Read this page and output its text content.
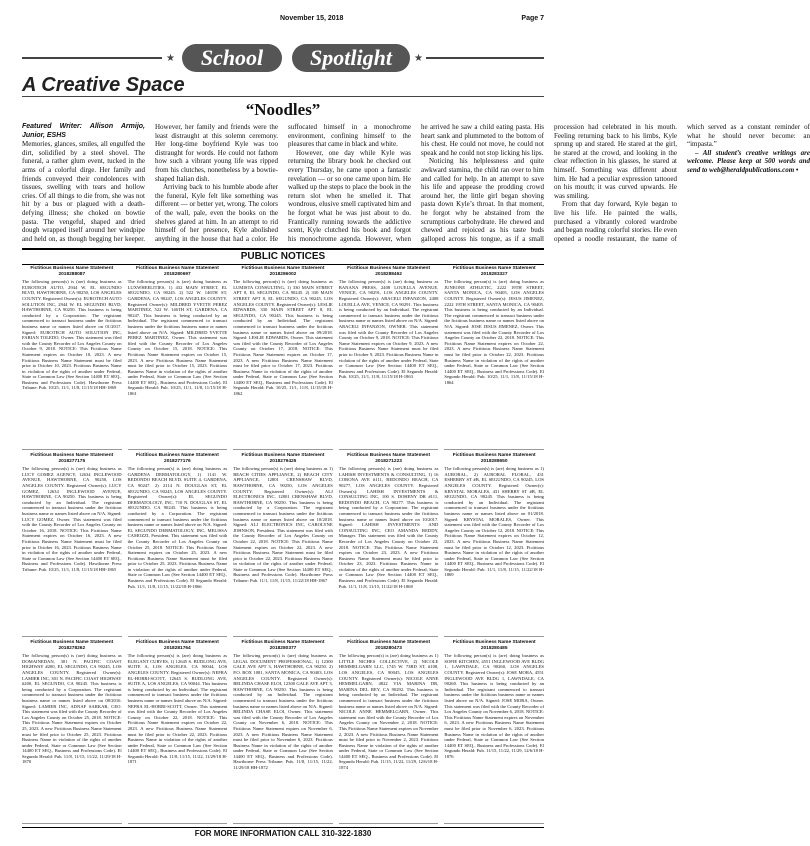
November 15, 2018	Page 7
★	School	Spotlight	★
A Creative Space
“Noodles”
Featured Writer: Allison Armijo, Junior, ESHS

Memories, glances, smiles, all engulfed the dirt, solidified by a steel shovel. The funeral, a rather glum event, tucked in the arms of a colorful dirge. Her family and friends conveyed their condolences with tissues, swelling with tears and hollow cries. Of all things to die from, she was not hit by a bus or plagued with a death-defying illness; she choked on bowtie pasta. The vengeful, shaped and dried dough wrapped itself around her windpipe and held on, as though begging her keeper. However, her family and friends were the least distraught at this solemn ceremony. Her long-time boyfriend Kyle was too distraught for words. He could not fathom how such a vibrant young life was ripped from his clutches, nonetheless by a bowtie-shaped Italian dish.

Arriving back to his humble abode after the funeral, Kyle felt like something was different — or better yet, wrong. The colors of the wall, pale, even the books on the shelves glared at him. In an attempt to rid himself of her presence, Kyle abolished anything in the house that had a color. He suffocated himself in a monochrome environment, confining himself to the pleasures that came in black and white.

However, one day while Kyle was returning the library book he checked out every Thursday, he came upon a fantastic revelation — or so one came upon him. He walked up the steps to place the book in the return slot when he smelled it. That wondrous, elusive smell captivated him and he forgot what he was just about to do. Frantically running towards the addictive scent, Kyle clutched his book and forgot his monochrome agenda. However, when he arrived he saw a child eating pasta. His heart sank and plummeted to the bottom of his chest. He could not move, he could not speak and he could not stop licking his lips.

Noticing his helplessness and quite awkward stamina, the child ran over to him and called for help. In an attempt to save his life and appease the prodding crowd around her, the little girl began shoving pasta down Kyle’s throat. In that moment, he forgot why he abstained from the scrumptious carbohydrate. He chewed and chewed and rejoiced as his taste buds galloped across his tongue, as if a small procession had celebrated in his mouth. Feeling returning back to his limbs, Kyle sprung up and stared. He stared at the girl, he stared at the crowd, and looking in the clear reflection in his glasses, he stared at himself. Something was different about him. He had a peculiar expression tattooed on his mouth; it was curved upwards. He was smiling.

From that day forward, Kyle began to live his life. He painted the walls, purchased a vibrantly colored wardrobe and began reading colorful stories. He even opened a noodle restaurant, the name of which served as a constant reminder of what he should never become: an “impasta.”

– All student’s creative writings are welcome. Please keep at 500 words and send to web@heraldpublications.com •

PUBLIC NOTICES
Fictitious Business Name Statement
2018288087
The following person(s) is (are) doing business as EUROTECH AUTO, 2944 W. EL SEGUNDO BLVD, HAWTHORNE, CA 90250, LOS ANGELES COUNTY. Registered Owner(s): EUROTECH AUTO SOLUTION INC, 2944 W. EL SEGUNDO BLVD, HAWTHORNE, CA 90250. This business is being conducted by a Corporation. The registrant commenced to transact business under the fictitious business name or names listed above on 01/2017. Signed: EUROTECH AUTO SOLUTION INC, FABIAN TOLEDO, Owner. This statement was filed with the County Recorder of Los Angeles County on October 9, 2018. NOTICE: This Fictitious Name Statement expires on October 10, 2023. A new Fictitious Business Name Statement must be filed prior to October 10, 2023. Fictitious Business Name in violation of the rights of another under Federal, State or Common Law (See Section 14400 ET SEQ., Business and Professions Code). Hawthorne Press Tribune: Pub. 10/25, 11/1, 11/8, 11/15/18 HH-1869
Fictitious Business Name Statement
2018280697
The following person(s) is (are) doing business as LUXWHEELITIES, 1) 432 MAIN STREET, EL SEGUNDO, CA 90245. 2) 522 W. 146TH ST, GARDENA, CA 90247, LOS ANGELES COUNTY. Registered Owner(s): MILDRED YVETTE PEREZ MARTINEZ, 522 W. 146TH ST, GARDENA, CA 90247. This business is being conducted by an Individual. The registrant commenced to transact business under the fictitious business name or names listed above on N/A. Signed: MILDRED YVETTE PEREZ MARTINEZ, Owner. This statement was filed with the County Recorder of Los Angeles County on October 15, 2018. NOTICE: This Fictitious Name Statement expires on October 15, 2023. A new Fictitious Business Name Statement must be filed prior to October 15, 2023. Fictitious Business Name in violation of the rights of another under Federal, State or Common Law (See Section 14400 ET SEQ., Business and Professions Code). El Segundo Herald: Pub. 10/25, 11/1, 11/8, 11/15/18 H-1861
Fictitious Business Name Statement
2018286002
The following person(s) is (are) doing business as LUMISTA CONSULTING, 1) 330 MAIN STREET APT 8, EL SEGUNDO, CA 90245. 2) 330 MAIN STREET APT 8, EL SEGUNDO, CA 90245, LOS ANGELES COUNTY. Registered Owner(s): LESLIE EDWARDS, 330 MAIN STREET APT 8, EL SEGUNDO, CA 90245. This business is being conducted by an Individual. The registrant commenced to transact business under the fictitious business name or names listed above on 09/2018. Signed: LESLIE EDWARDS, Owner. This statement was filed with the County Recorder of Los Angeles County on October 17, 2018. NOTICE: This Fictitious Name Statement expires on October 17, 2023. A new Fictitious Business Name Statement must be filed prior to October 17, 2023. Fictitious Business Name in violation of the rights of another under Federal, State or Common Law (See Section 14400 ET SEQ., Business and Professions Code). El Segundo Herald: Pub. 10/25, 11/1, 11/8, 11/15/18 H-1862
Fictitious Business Name Statement
2018288462
The following person(s) is (are) doing business as BANANA PRESS, 2408 LOUELLA AVENUE, VENICE, CA 90291, LOS ANGELES COUNTY. Registered Owner(s): ARACELI INFANZON, 2408 LOUELLA AVE, VENICE, CA 90291. This business is being conducted by an Individual. The registrant commenced to transact business under the fictitious business name or names listed above on N/A. Signed: ARACELI INFANZON, OWNER. This statement was filed with the County Recorder of Los Angeles County on October 9, 2018. NOTICE: This Fictitious Name Statement expires on October 9, 2023. A new Fictitious Business Name Statement must be filed prior to October 9, 2023. Fictitious Business Name in violation of the rights of another under Federal, State or Common Law (See Section 14400 ET SEQ., Business and Professions Code). El Segundo Herald: Pub. 10/25, 11/1, 11/8, 11/15/18 H-1863
Fictitious Business Name Statement
2018283327
The following person(s) is (are) doing business as JUNEONE ATHLETIC, 2222 19TH STREET, SANTA MONICA, CA 90405, LOS ANGELES COUNTY. Registered Owner(s): JESUS JIMENEZ, 2222 19TH STREET, SANTA MONICA, CA 90405. This business is being conducted by an Individual. The registrant commenced to transact business under the fictitious business name or names listed above on N/A. Signed: JOSE JESUS JIMENEZ, Owner. This statement was filed with the County Recorder of Los Angeles County on October 22, 2018. NOTICE: This Fictitious Name Statement expires on October 22, 2023. A new Fictitious Business Name Statement must be filed prior to October 22, 2023. Fictitious Business Name in violation of the rights of another under Federal, State or Common Law (See Section 14400 ET SEQ., Business and Professions Code). El Segundo Herald: Pub. 10/25, 11/1, 11/8, 11/15/18 H-1864
Fictitious Business Name Statement
2018277175
The following person(s) is (are) doing business as LUCY GOMEZ AGENCY, 12634 INGLEWOOD AVENUE, HAWTHORNE, CA 90250, LOS ANGELES COUNTY. Registered Owner(s): LUCY GOMEZ, 12634 INGLEWOOD AVENUE, HAWTHORNE, CA 90250. This business is being conducted by an Individual. The registrant commenced to transact business under the fictitious business name or names listed above on N/A. Signed: LUCY GOMEZ, Owner. This statement was filed with the County Recorder of Los Angeles County on October 16, 2018. NOTICE: This Fictitious Name Statement expires on October 16, 2023. A new Fictitious Business Name Statement must be filed prior to October 16, 2023. Fictitious Business Name in violation of the rights of another under Federal, State or Common Law (See Section 14400 ET SEQ., Business and Professions Code). Hawthorne Press Tribune: Pub. 10/25, 11/1, 11/8, 11/15/18 HH-1865
Fictitious Business Name Statement
2018277176
The following person(s) is (are) doing business as GARDENA DERMATOLOGY, 1) 1141 W. REDONDO BEACH BLVD, SUITE 4, GARDENA, CA 90247. 2) 2114 N. DOUGLAS ST, EL SEGUNDO, CA 90245, LOS ANGELES COUNTY. Registered Owner(s): EL SEGUNDO DERMATOLOGY, INC, 710 N. DOUGLAS ST, EL SEGUNDO, CA 90245. This business is being conducted by a Corporation. The registrant commenced to transact business under the fictitious business name or names listed above on N/A. Signed: EL SEGUNDO DERMATOLOGY, INC, MELISSA CAMOZZI, President. This statement was filed with the County Recorder of Los Angeles County on October 25, 2018. NOTICE: This Fictitious Name Statement expires on October 25, 2023. A new Fictitious Business Name Statement must be filed prior to October 25, 2023. Fictitious Business Name in violation of the rights of another under Federal, State or Common Law (See Section 14400 ET SEQ., Business and Professions Code). El Segundo Herald: Pub. 11/1, 11/8, 11/15, 11/22/18 H-1866
Fictitious Business Name Statement
2018279425
The following person(s) is (are) doing business as 1) BEACH CITIES APPLIANCE, 2) BEACH CITY APPLIANCE, 12801 CRENSHAW BLVD, HAWTHORNE, CA 90250, LOS ANGELES COUNTY. Registered Owner(s): ALJ ELECTRONICS INC, 12801 CRENSHAW BLVD, HAWTHORNE, CA 90250. This business is being conducted by a Corporation. The registrant commenced to transact business under the fictitious business name or names listed above on 10/2018. Signed: ALJ ELECTRONICS INC, CAROLYNE JOHNSON, President. This statement was filed with the County Recorder of Los Angeles County on October 22, 2018. NOTICE: This Fictitious Name Statement expires on October 22, 2023. A new Fictitious Business Name Statement must be filed prior to October 22, 2023. Fictitious Business Name in violation of the rights of another under Federal, State or Common Law (See Section 14400 ET SEQ., Business and Professions Code). Hawthorne Press Tribune: Pub. 11/1, 11/8, 11/15, 11/22/18 HH-1867
Fictitious Business Name Statement
2018271223
The following person(s) is (are) doing business as LAHISH INVESTMENTS & CONSULTING, 1) 16 CORONA AVE #111, REDONDO BEACH, CA 90277, LOS ANGELES COUNTY. Registered Owner(s): LAHISH INVESTMENTS & CONSULTING INC, 100 S. DOHENY DR #111, REDONDO BEACH, CA 90277. This business is being conducted by a Corporation. The registrant commenced to transact business under the fictitious business name or names listed above on 10/2017. Signed: LAHISH INVESTMENTS AND CONSULTING INC, CEO AMANDA REDDY, Manager. This statement was filed with the County Recorder of Los Angeles County on October 23, 2018. NOTICE: This Fictitious Name Statement expires on October 23, 2023. A new Fictitious Business Name Statement must be filed prior to October 23, 2023. Fictitious Business Name in violation of the rights of another under Federal, State or Common Law (See Section 14400 ET SEQ., Business and Professions Code). El Segundo Herald: Pub. 11/1, 11/8, 11/15, 11/22/18 H-1868
Fictitious Business Name Statement
2018288650
The following person(s) is (are) doing business as 1) AURORAL, 2) AURORAL FLORAL, 431 ESHERRY ST #B, EL SEGUNDO, CA 90245, LOS ANGELES COUNTY. Registered Owner(s): KRYSTAL MORALES, 431 SHERRY ST #B, EL SEGUNDO, CA 90245. This business is being conducted by an Individual. The registrant commenced to transact business under the fictitious business name or names listed above on 01/2018. Signed: KRYSTAL MORALES, Owner. This statement was filed with the County Recorder of Los Angeles County on October 12, 2018. NOTICE: This Fictitious Name Statement expires on October 12, 2023. A new Fictitious Business Name Statement must be filed prior to October 12, 2023. Fictitious Business Name in violation of the rights of another under Federal, State or Common Law (See Section 14400 ET SEQ., Business and Professions Code). El Segundo Herald: Pub. 11/1, 11/8, 11/15, 11/22/18 H-1869
Fictitious Business Name Statement
2018278262
The following person(s) is (are) doing business as DOMAINEDAN, 301 N. PACIFIC COAST HIGHWAY #200, EL SEGUNDO, CA 90245, LOS ANGELES COUNTY. Registered Owner(s): LAMIER INC, 301 N. PACIFIC COAST HIGHWAY #200, EL SEGUNDO, CA 90245. This business is being conducted by a Corporation. The registrant commenced to transact business under the fictitious business name or names listed above on 08/2016. Signed: LAMIER INC, ADNAF SARKAR, CEO. This statement was filed with the County Recorder of Los Angeles County on October 25, 2018. NOTICE: This Fictitious Name Statement expires on October 25, 2023. A new Fictitious Business Name Statement must be filed prior to October 25, 2023. Fictitious Business Name in violation of the rights of another under Federal, State or Common Law (See Section 14400 ET SEQ., Business and Professions Code). El Segundo Herald: Pub. 11/8, 11/15, 11/22, 11/29/18 H-1870
Fictitious Business Name Statement
2018281764
The following person(s) is (are) doing business as ELEGANT CURVES, 1) 12645 S. BUDLONG AVE, SUITE A, LOS ANGELES, CA 90044, LOS ANGELES COUNTY. Registered Owner(s): NEFRA EL-HORRI-SCOTT, 12645 S. BUDLONG AVE, SUITE A, LOS ANGELES, CA 90044. This business is being conducted by an Individual. The registrant commenced to transact business under the fictitious business name or names listed above on N/A. Signed: NEFRA EL-HORRI-SCOTT, Owner. This statement was filed with the County Recorder of Los Angeles County on October 22, 2018. NOTICE: This Fictitious Name Statement expires on October 22, 2023. A new Fictitious Business Name Statement must be filed prior to October 22, 2023. Fictitious Business Name in violation of the rights of another under Federal, State or Common Law (See Section 14400 ET SEQ., Business and Professions Code). El Segundo Herald: Pub. 11/8, 11/15, 11/22, 11/29/18 H-1871
Fictitious Business Name Statement
2018280377
The following person(s) is (are) doing business as LEGAL DOCUMENT PROFESSIONAL, 1) 12300 GALE AVE APT 3, HAWTHORNE, CA 90250. 2) P.O. BOX 1081, SANTA MONICA, CA 90403, LOS ANGELES COUNTY. Registered Owner(s): BELINDA CHASE ELOI, 12300 GALE AVE APT 3, HAWTHORNE, CA 90250. This business is being conducted by an Individual. The registrant commenced to transact business under the fictitious business name or names listed above on N/A. Signed: BELINDA CHASE ELOI, Owner. This statement was filed with the County Recorder of Los Angeles County on November 6, 2018. NOTICE: This Fictitious Name Statement expires on November 6, 2023. A new Fictitious Business Name Statement must be filed prior to November 6, 2023. Fictitious Business Name in violation of the rights of another under Federal, State or Common Law (See Section 14400 ET SEQ., Business and Professions Code). Hawthorne Press Tribune: Pub. 11/8, 11/15, 11/22, 11/29/18 HH-1872
Fictitious Business Name Statement
2018280473
The following person(s) is (are) doing business as 1) LITTLE NICHES COLLECTIVE, 2) NICOLE HEMMELGARN LLC, 1745 W. 73RD ST, #108, LOS ANGELES, CA 90045, LOS ANGELES COUNTY. Registered Owner(s): NICOLE ANNE HEMMELGARN, 4822 VIA MARINA DR, MARINA DEL REY, CA 90292. This business is being conducted by an Individual. The registrant commenced to transact business under the fictitious business name or names listed above on N/A. Signed: NICOLE ANNE HEMMELGARN, Owner. This statement was filed with the County Recorder of Los Angeles County on November 2, 2018. NOTICE: This Fictitious Name Statement expires on November 2, 2023. A new Fictitious Business Name Statement must be filed prior to November 2, 2023. Fictitious Business Name in violation of the rights of another under Federal, State or Common Law (See Section 14400 ET SEQ., Business and Professions Code). El Segundo Herald: Pub. 11/15, 11/22, 11/29, 12/6/18 H-1874
Fictitious Business Name Statement
2018280485
The following person(s) is (are) doing business as SOFIE KITCHEN, 4551 INGLEWOOD AVE BLDG 1, LAWNDALE, CA 90260, LOS ANGELES COUNTY. Registered Owner(s): JOSE MORA, 4551 INGLEWOOD AVE BLDG 1, LAWNDALE, CA 90260. This business is being conducted by an Individual. The registrant commenced to transact business under the fictitious business name or names listed above on N/A. Signed: JOSE MORA, Owner. This statement was filed with the County Recorder of Los Angeles County on November 6, 2018. NOTICE: This Fictitious Name Statement expires on November 6, 2023. A new Fictitious Business Name Statement must be filed prior to November 6, 2023. Fictitious Business Name in violation of the rights of another under Federal, State or Common Law (See Section 14400 ET SEQ., Business and Professions Code). El Segundo Herald: Pub. 11/15, 11/22, 11/29, 12/6/18 H-1876
FOR MORE INFORMATION CALL 310-322-1830
